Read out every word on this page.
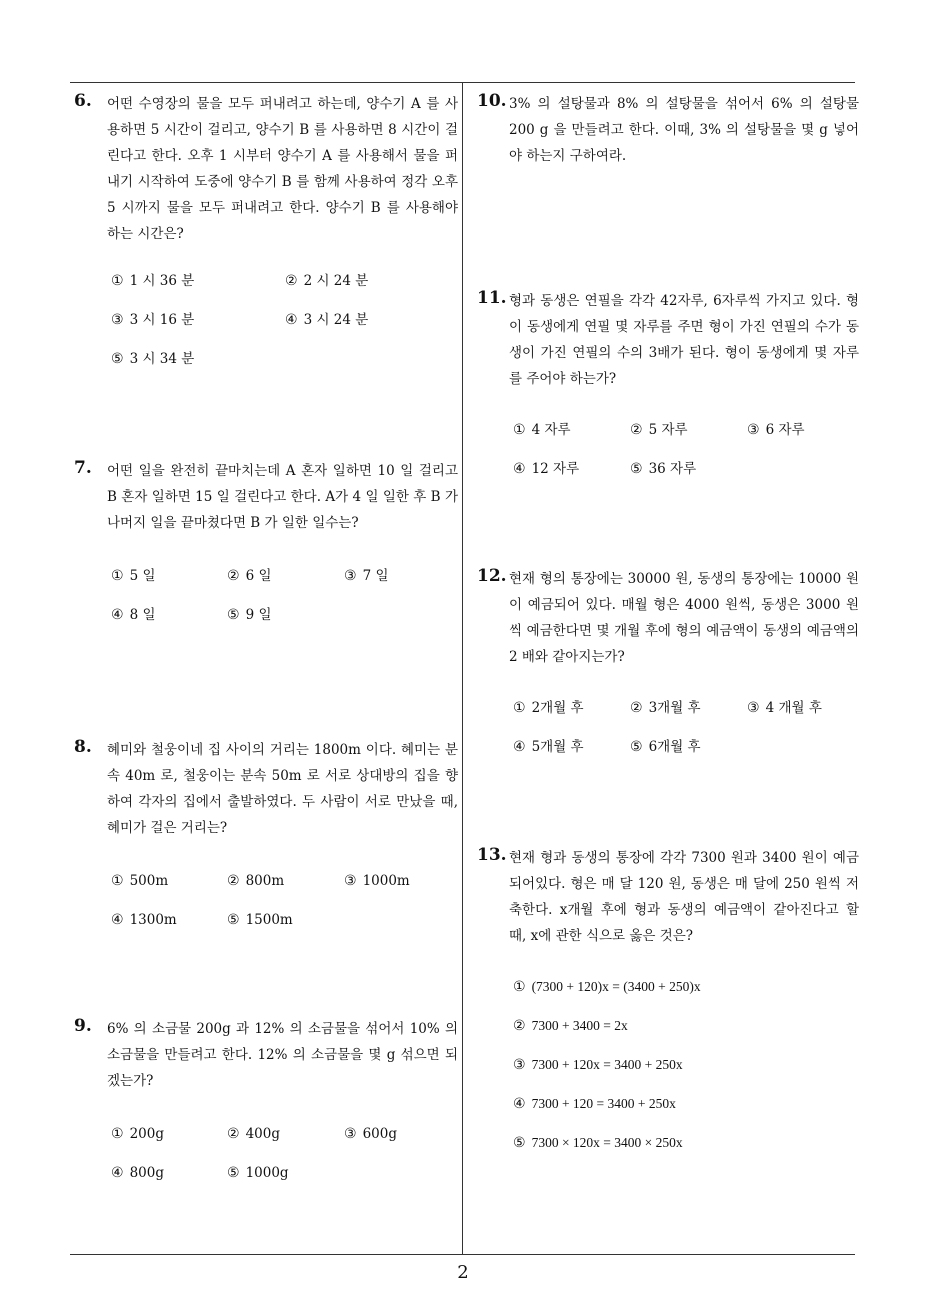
6. 어떤 수영장의 물을 모두 퍼내려고 하는데, 양수기 A 를 사용하면 5 시간이 걸리고, 양수기 B 를 사용하면 8 시간이 걸린다고 한다. 오후 1 시부터 양수기 A 를 사용해서 물을 퍼내기 시작하여 도중에 양수기 B 를 함께 사용하여 정각 오후 5 시까지 물을 모두 퍼내려고 한다. 양수기 B 를 사용해야 하는 시간은?
① 1 시 36 분	② 2 시 24 분
③ 3 시 16 분	④ 3 시 24 분
⑤ 3 시 34 분
7. 어떤 일을 완전히 끝마치는데 A 혼자 일하면 10 일 걸리고 B 혼자 일하면 15 일 걸린다고 한다. A가 4 일 일한 후 B 가 나머지 일을 끝마쳤다면 B 가 일한 일수는?
① 5 일	② 6 일	③ 7 일
④ 8 일	⑤ 9 일
8. 혜미와 철웅이네 집 사이의 거리는 1800m 이다. 혜미는 분속 40m 로, 철웅이는 분속 50m 로 서로 상대방의 집을 향하여 각자의 집에서 출발하였다. 두 사람이 서로 만났을 때, 혜미가 걸은 거리는?
① 500m	② 800m	③ 1000m
④ 1300m	⑤ 1500m
9. 6% 의 소금물 200g 과 12% 의 소금물을 섞어서 10% 의 소금물을 만들려고 한다. 12% 의 소금물을 몇 g 섞으면 되겠는가?
① 200g	② 400g	③ 600g
④ 800g	⑤ 1000g
10. 3% 의 설탕물과 8% 의 설탕물을 섞어서 6% 의 설탕물 200 g 을 만들려고 한다. 이때, 3% 의 설탕물을 몇 g 넣어야 하는지 구하여라.
11. 형과 동생은 연필을 각각 42자루, 6자루씩 가지고 있다. 형이 동생에게 연필 몇 자루를 주면 형이 가진 연필의 수가 동생이 가진 연필의 수의 3배가 된다. 형이 동생에게 몇 자루를 주어야 하는가?
① 4 자루	② 5 자루	③ 6 자루
④ 12 자루	⑤ 36 자루
12. 현재 형의 통장에는 30000 원, 동생의 통장에는 10000 원이 예금되어 있다. 매월 형은 4000 원씩, 동생은 3000 원씩 예금한다면 몇 개월 후에 형의 예금액이 동생의 예금액의 2 배와 같아지는가?
① 2개월 후	② 3개월 후	③ 4 개월 후
④ 5개월 후	⑤ 6개월 후
13. 현재 형과 동생의 통장에 각각 7300 원과 3400 원이 예금되어있다. 형은 매 달 120 원, 동생은 매 달에 250 원씩 저축한다. x개월 후에 형과 동생의 예금액이 같아진다고 할 때, x에 관한 식으로 옳은 것은?
① (7300 + 120)x = (3400 + 250)x
② 7300 + 3400 = 2x
③ 7300 + 120x = 3400 + 250x
④ 7300 + 120 = 3400 + 250x
⑤ 7300 × 120x = 3400 × 250x
2
